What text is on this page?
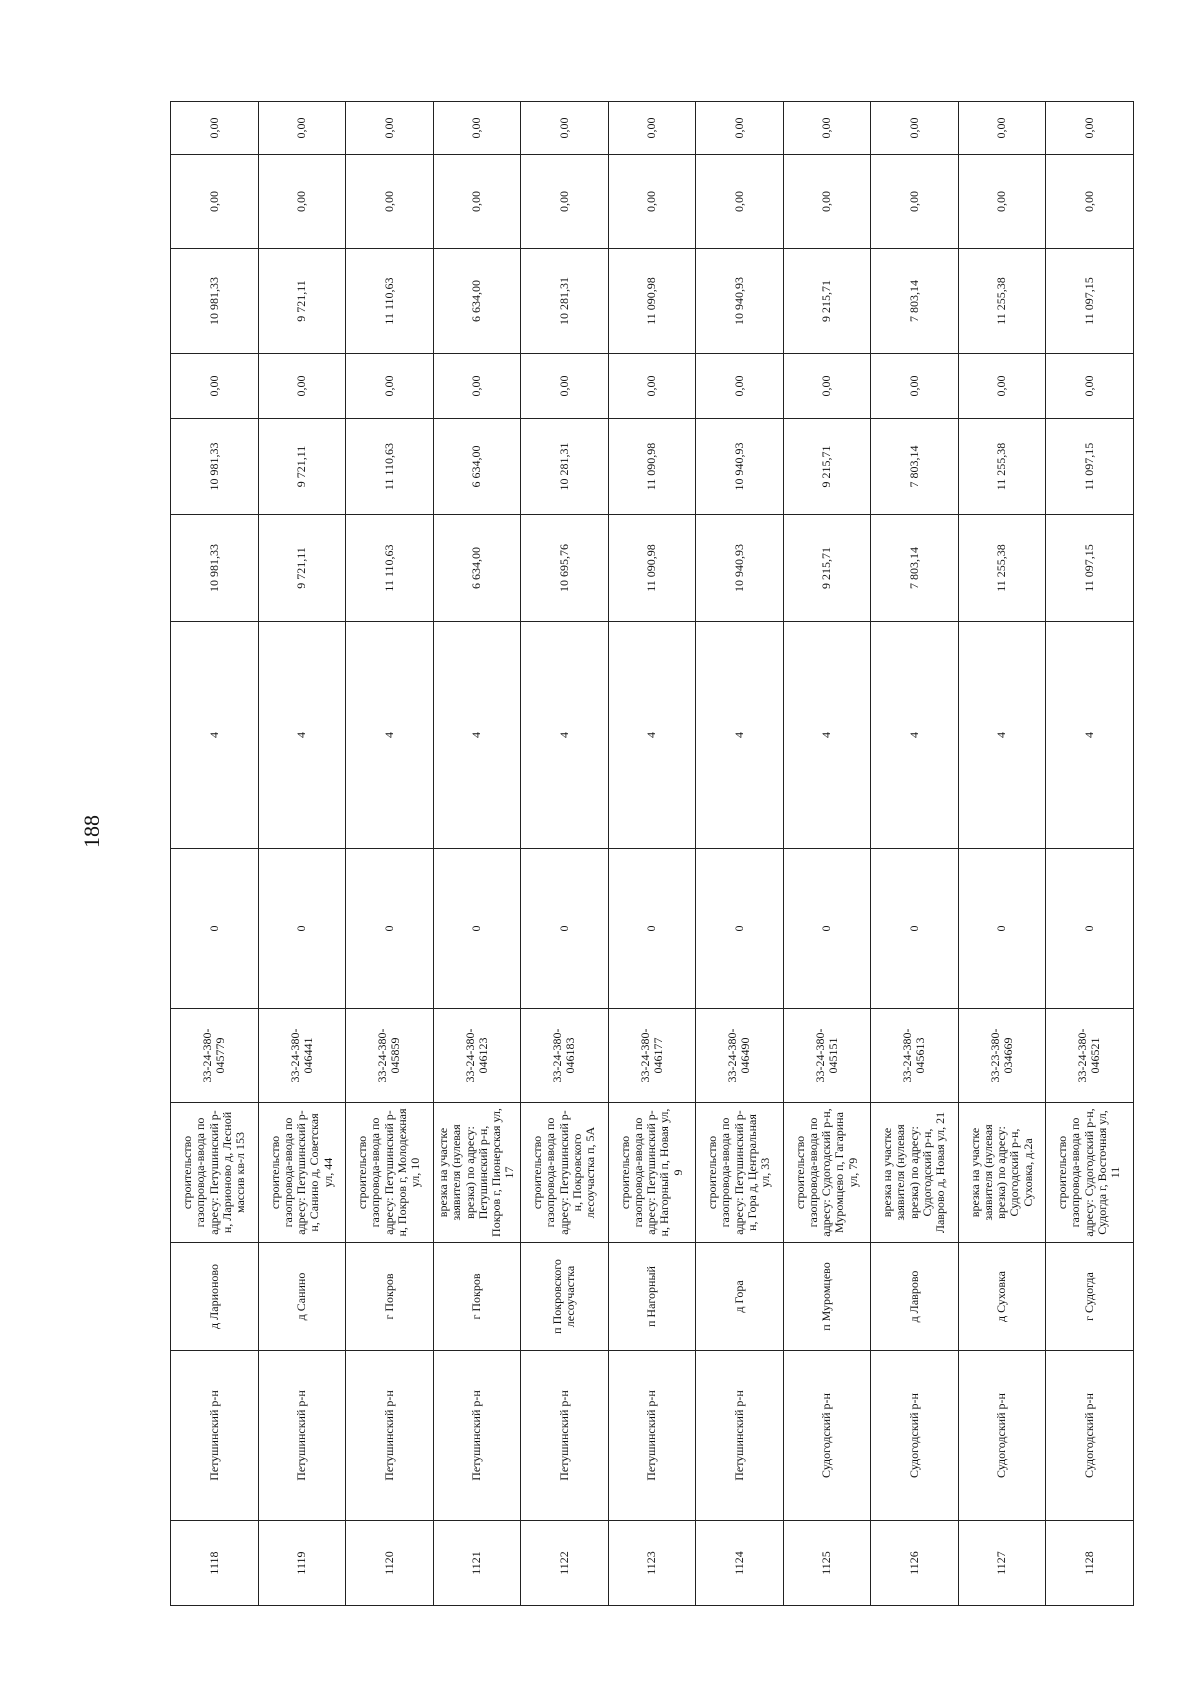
188
1118	Петушинский р-н	д Ларионово	строительство газопровода-ввода по адресу: Петушинский р-н, Ларионово д, Лесной массив кв-л 153	33-24-380-045779	0	4	10 981,33	10 981,33	0,00	10 981,33	0,00	0,00
1119	Петушинский р-н	д Санино	строительство газопровода-ввода по адресу: Петушинский р-н, Санино д, Советская ул, 44	33-24-380-046441	0	4	9 721,11	9 721,11	0,00	9 721,11	0,00	0,00
1120	Петушинский р-н	г Покров	строительство газопровода-ввода по адресу: Петушинский р-н, Покров г, Молодежная ул, 10	33-24-380-045859	0	4	11 110,63	11 110,63	0,00	11 110,63	0,00	0,00
1121	Петушинский р-н	г Покров	врезка на участке заявителя (нулевая врезка) по адресу: Петушинский р-н, Покров г, Пионерская ул, 17	33-24-380-046123	0	4	6 634,00	6 634,00	0,00	6 634,00	0,00	0,00
1122	Петушинский р-н	п Покровского лесоучастка	строительство газопровода-ввода по адресу: Петушинский р-н, Покровского лесоучастка п, 5А	33-24-380-046183	0	4	10 695,76	10 281,31	0,00	10 281,31	0,00	0,00
1123	Петушинский р-н	п Нагорный	строительство газопровода-ввода по адресу: Петушинский р-н, Нагорный п, Новая ул, 9	33-24-380-046177	0	4	11 090,98	11 090,98	0,00	11 090,98	0,00	0,00
1124	Петушинский р-н	д Гора	строительство газопровода-ввода по адресу: Петушинский р-н, Гора д, Центральная ул, 33	33-24-380-046490	0	4	10 940,93	10 940,93	0,00	10 940,93	0,00	0,00
1125	Судогодский р-н	п Муромцево	строительство газопровода-ввода по адресу: Судогодский р-н, Муромцево п, Гагарина ул, 79	33-24-380-045151	0	4	9 215,71	9 215,71	0,00	9 215,71	0,00	0,00
1126	Судогодский р-н	д Лаврово	врезка на участке заявителя (нулевая врезка) по адресу: Судогодский р-н, Лаврово д, Новая ул, 21	33-24-380-045613	0	4	7 803,14	7 803,14	0,00	7 803,14	0,00	0,00
1127	Судогодский р-н	д Суховка	врезка на участке заявителя (нулевая врезка) по адресу: Судогодский р-н, Суховка, д.2а	33-23-380-034669	0	4	11 255,38	11 255,38	0,00	11 255,38	0,00	0,00
1128	Судогодский р-н	г Судогда	строительство газопровода-ввода по адресу: Судогодский р-н, Судогда г, Восточная ул, 11	33-24-380-046521	0	4	11 097,15	11 097,15	0,00	11 097,15	0,00	0,00
